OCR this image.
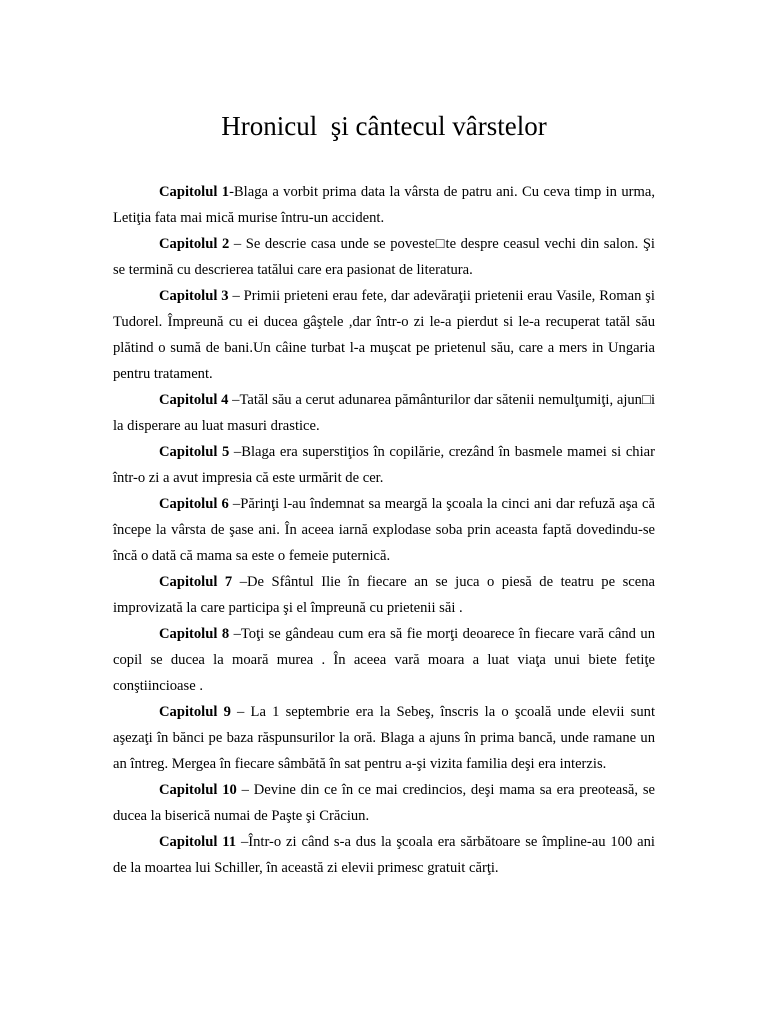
Hronicul  şi cântecul vârstelor

Capitolul 1-Blaga a vorbit prima data la vârsta de patru ani. Cu ceva timp in urma, Letiţia fata mai mică murise întru-un accident.

Capitolul 2 – Se descrie casa unde se poveste□te despre ceasul vechi din salon. Şi se termină cu descrierea tatălui care era pasionat de literatura.

Capitolul 3 – Primii prieteni erau fete, dar adevăraţii prietenii erau Vasile, Roman şi Tudorel. Împreună cu ei ducea gâştele ,dar într-o zi le-a pierdut si le-a recuperat tatăl său plătind o sumă de bani.Un câine turbat l-a muşcat pe prietenul său, care a mers in Ungaria pentru tratament.

Capitolul 4 –Tatăl său a cerut adunarea pământurilor dar sătenii nemulţumiţi, ajun□i la disperare au luat masuri drastice.

Capitolul 5 –Blaga era superstiţios în copilărie, crezând în basmele mamei si chiar într-o zi a avut impresia că este urmărit de cer.

Capitolul 6 –Părinţi l-au îndemnat sa meargă la şcoala la cinci ani dar refuză aşa că începe la vârsta de şase ani. În aceea iarnă explodase soba prin aceasta faptă dovedindu-se încă o dată că mama sa este o femeie puternică.

Capitolul 7 –De Sfântul Ilie în fiecare an se juca o piesă de teatru pe scena improvizată la care participa şi el împreună cu prietenii săi .

Capitolul 8 –Toţi se gândeau cum era să fie morţi deoarece în fiecare vară când un copil se ducea la moară murea . În aceea vară moara a luat viaţa unui biete fetiţe conştiincioase .

Capitolul 9 – La 1 septembrie era la Sebeş, înscris la o şcoală unde elevii sunt aşezaţi în bănci pe baza răspunsurilor la oră. Blaga a ajuns în prima bancă, unde ramane un an întreg. Mergea în fiecare sâmbătă în sat pentru a-şi vizita familia deşi era interzis.

Capitolul 10 – Devine din ce în ce mai credincios, deşi mama sa era preoteasă, se ducea la biserică numai de Paşte şi Crăciun.

Capitolul 11 –Într-o zi când s-a dus la şcoala era sărbătoare se împline-au 100 ani de la moartea lui Schiller, în această zi elevii primesc gratuit cărţi.
